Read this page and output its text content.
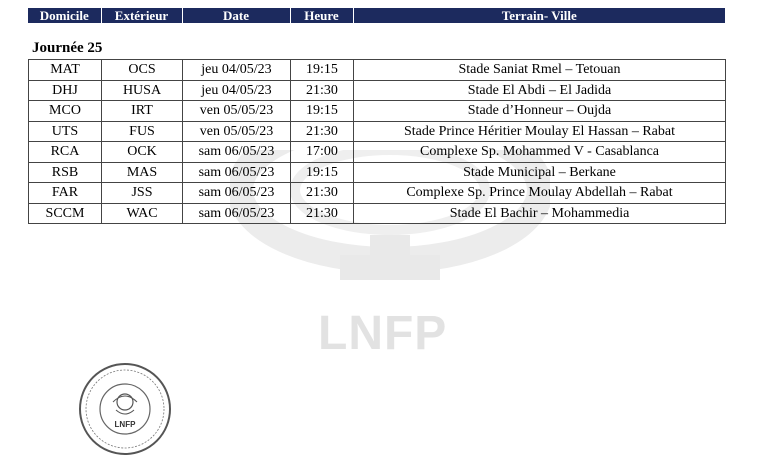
LNFP
Domicile	Extérieur	Date	Heure	Terrain- Ville
Journée 25
MAT	OCS	jeu 04/05/23	19:15	Stade Saniat Rmel – Tetouan
DHJ	HUSA	jeu 04/05/23	21:30	Stade El Abdi – El Jadida
MCO	IRT	ven 05/05/23	19:15	Stade d’Honneur – Oujda
UTS	FUS	ven 05/05/23	21:30	Stade Prince Héritier Moulay El Hassan – Rabat
RCA	OCK	sam 06/05/23	17:00	Complexe Sp. Mohammed V - Casablanca
RSB	MAS	sam 06/05/23	19:15	Stade Municipal – Berkane
FAR	JSS	sam 06/05/23	21:30	Complexe Sp. Prince Moulay Abdellah – Rabat
SCCM	WAC	sam 06/05/23	21:30	Stade El Bachir – Mohammedia
LNFP
